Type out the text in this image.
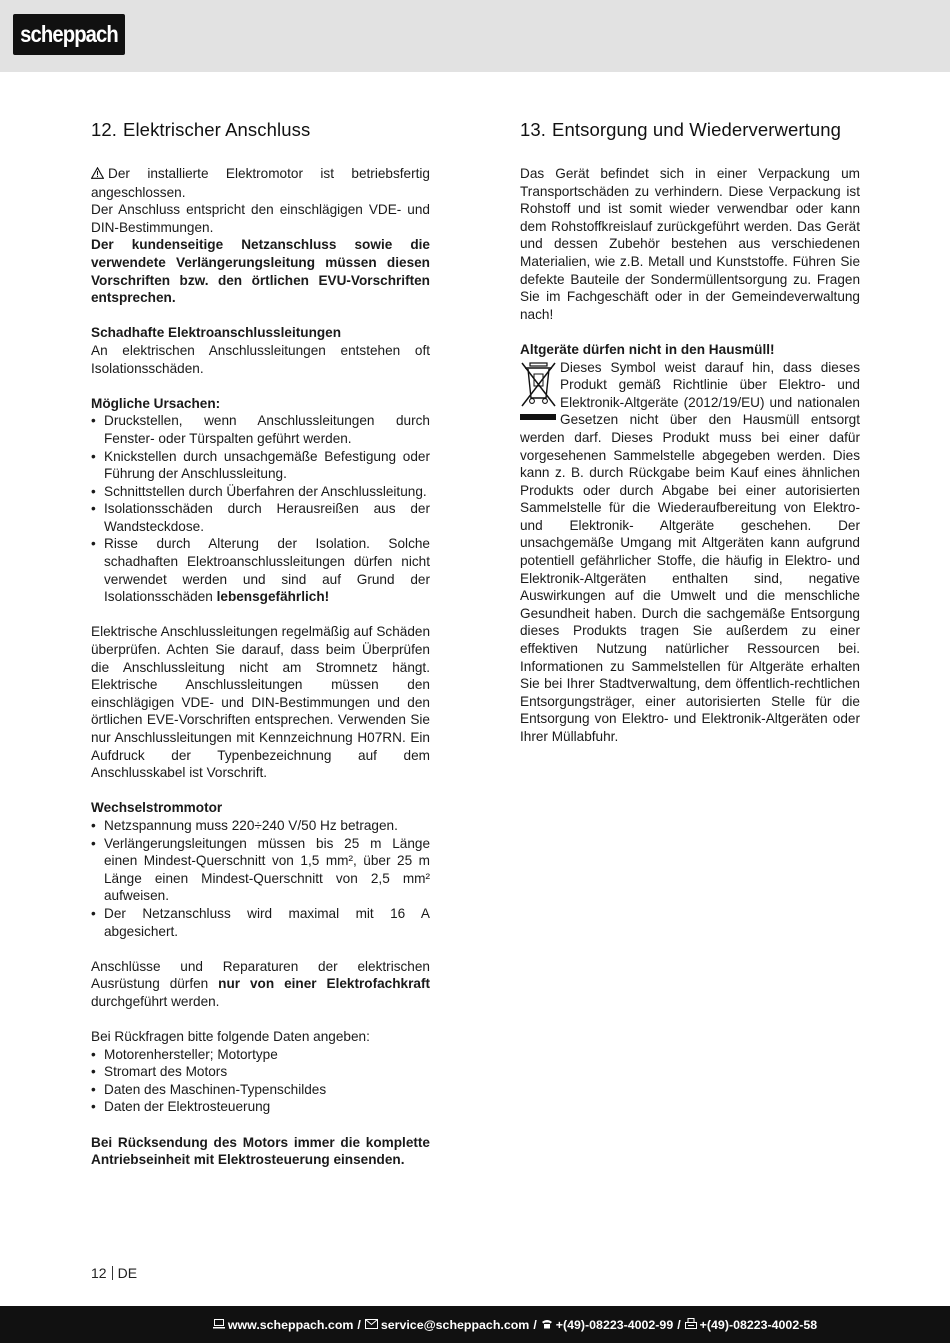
scheppach
12. Elektrischer Anschluss
Der installierte Elektromotor ist betriebsfertig angeschlossen.
Der Anschluss entspricht den einschlägigen VDE- und DIN-Bestimmungen.
Der kundenseitige Netzanschluss sowie die verwendete Verlängerungsleitung müssen diesen Vorschriften bzw. den örtlichen EVU-Vorschriften entsprechen.
Schadhafte Elektroanschlussleitungen
An elektrischen Anschlussleitungen entstehen oft Isolationsschäden.
Mögliche Ursachen:
• Druckstellen, wenn Anschlussleitungen durch Fenster- oder Türspalten geführt werden.
• Knickstellen durch unsachgemäße Befestigung oder Führung der Anschlussleitung.
• Schnittstellen durch Überfahren der Anschlussleitung.
• Isolationsschäden durch Herausreißen aus der Wandsteckdose.
• Risse durch Alterung der Isolation. Solche schadhaften Elektroanschlussleitungen dürfen nicht verwendet werden und sind auf Grund der Isolationsschäden lebensgefährlich!
Elektrische Anschlussleitungen regelmäßig auf Schäden überprüfen. Achten Sie darauf, dass beim Überprüfen die Anschlussleitung nicht am Stromnetz hängt. Elektrische Anschlussleitungen müssen den einschlägigen VDE- und DIN-Bestimmungen und den örtlichen EVE-Vorschriften entsprechen. Verwenden Sie nur Anschlussleitungen mit Kennzeichnung H07RN. Ein Aufdruck der Typenbezeichnung auf dem Anschlusskabel ist Vorschrift.
Wechselstrommotor
• Netzspannung muss 220÷240 V/50 Hz betragen.
• Verlängerungsleitungen müssen bis 25 m Länge einen Mindest-Querschnitt von 1,5 mm², über 25 m Länge einen Mindest-Querschnitt von 2,5 mm² aufweisen.
• Der Netzanschluss wird maximal mit 16 A abgesichert.
Anschlüsse und Reparaturen der elektrischen Ausrüstung dürfen nur von einer Elektrofachkraft durchgeführt werden.
Bei Rückfragen bitte folgende Daten angeben:
• Motorenhersteller; Motortype
• Stromart des Motors
• Daten des Maschinen-Typenschildes
• Daten der Elektrosteuerung
Bei Rücksendung des Motors immer die komplette Antriebseinheit mit Elektrosteuerung einsenden.
13. Entsorgung und Wiederverwertung
Das Gerät befindet sich in einer Verpackung um Transportschäden zu verhindern. Diese Verpackung ist Rohstoff und ist somit wieder verwendbar oder kann dem Rohstoffkreislauf zurückgeführt werden. Das Gerät und dessen Zubehör bestehen aus verschiedenen Materialien, wie z.B. Metall und Kunststoffe. Führen Sie defekte Bauteile der Sondermüllentsorgung zu. Fragen Sie im Fachgeschäft oder in der Gemeindeverwaltung nach!
Altgeräte dürfen nicht in den Hausmüll!
Dieses Symbol weist darauf hin, dass dieses Produkt gemäß Richtlinie über Elektro- und Elektronik-Altgeräte (2012/19/EU) und nationalen Gesetzen nicht über den Hausmüll entsorgt werden darf. Dieses Produkt muss bei einer dafür vorgesehenen Sammelstelle abgegeben werden. Dies kann z. B. durch Rückgabe beim Kauf eines ähnlichen Produkts oder durch Abgabe bei einer autorisierten Sammelstelle für die Wiederaufbereitung von Elektro- und Elektronik- Altgeräte geschehen. Der unsachgemäße Umgang mit Altgeräten kann aufgrund potentiell gefährlicher Stoffe, die häufig in Elektro- und Elektronik-Altgeräten enthalten sind, negative Auswirkungen auf die Umwelt und die menschliche Gesundheit haben. Durch die sachgemäße Entsorgung dieses Produkts tragen Sie außerdem zu einer effektiven Nutzung natürlicher Ressourcen bei. Informationen zu Sammelstellen für Altgeräte erhalten Sie bei Ihrer Stadtverwaltung, dem öffentlich-rechtlichen Entsorgungsträger, einer autorisierten Stelle für die Entsorgung von Elektro- und Elektronik-Altgeräten oder Ihrer Müllabfuhr.
12 DE
www.scheppach.com / service@scheppach.com / +(49)-08223-4002-99 / +(49)-08223-4002-58
